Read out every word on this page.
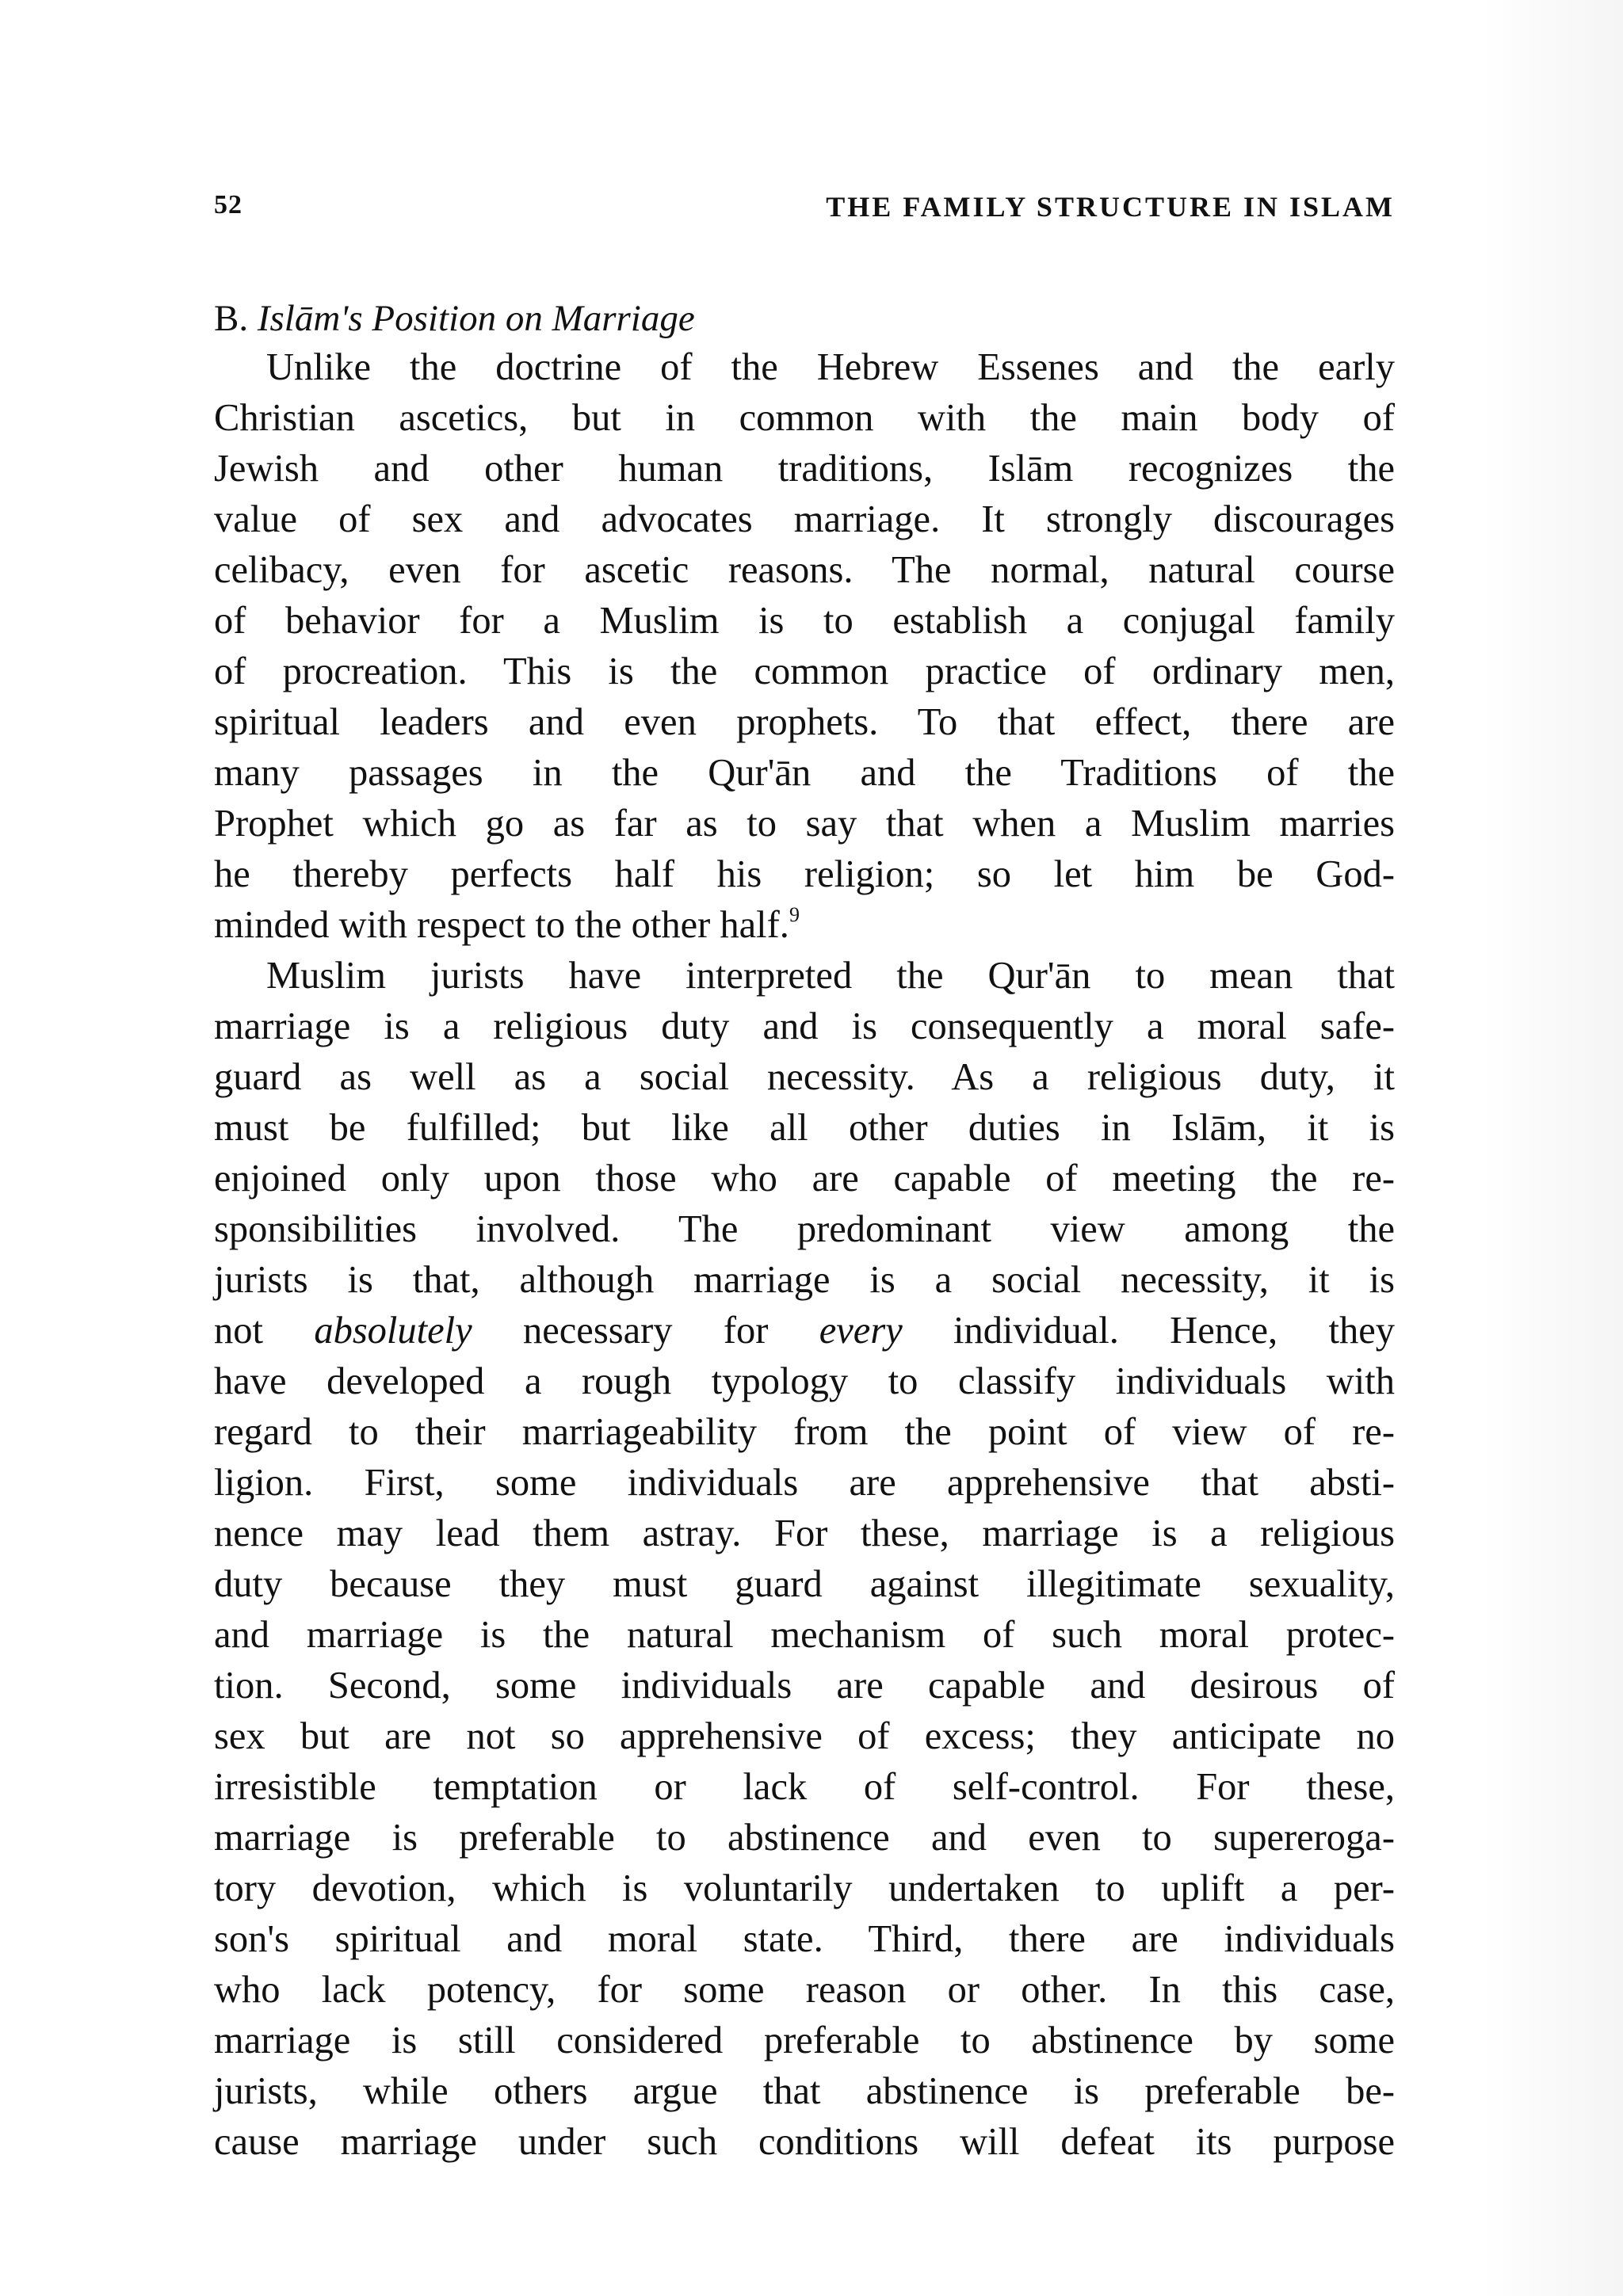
52	THE FAMILY STRUCTURE IN ISLAM
B. Islām's Position on Marriage
Unlike the doctrine of the Hebrew Essenes and the early
Christian ascetics, but in common with the main body of
Jewish and other human traditions, Islām recognizes the
value of sex and advocates marriage. It strongly discourages
celibacy, even for ascetic reasons. The normal, natural course
of behavior for a Muslim is to establish a conjugal family
of procreation. This is the common practice of ordinary men,
spiritual leaders and even prophets. To that effect, there are
many passages in the Qur'ān and the Traditions of the
Prophet which go as far as to say that when a Muslim marries
he thereby perfects half his religion; so let him be God-
minded with respect to the other half.$^9$
Muslim jurists have interpreted the Qur'ān to mean that
marriage is a religious duty and is consequently a moral safe-
guard as well as a social necessity. As a religious duty, it
must be fulfilled; but like all other duties in Islām, it is
enjoined only upon those who are capable of meeting the re-
sponsibilities involved. The predominant view among the
jurists is that, although marriage is a social necessity, it is
not absolutely necessary for every individual. Hence, they
have developed a rough typology to classify individuals with
regard to their marriageability from the point of view of re-
ligion. First, some individuals are apprehensive that absti-
nence may lead them astray. For these, marriage is a religious
duty because they must guard against illegitimate sexuality,
and marriage is the natural mechanism of such moral protec-
tion. Second, some individuals are capable and desirous of
sex but are not so apprehensive of excess; they anticipate no
irresistible temptation or lack of self-control. For these,
marriage is preferable to abstinence and even to supereroga-
tory devotion, which is voluntarily undertaken to uplift a per-
son's spiritual and moral state. Third, there are individuals
who lack potency, for some reason or other. In this case,
marriage is still considered preferable to abstinence by some
jurists, while others argue that abstinence is preferable be-
cause marriage under such conditions will defeat its purpose
